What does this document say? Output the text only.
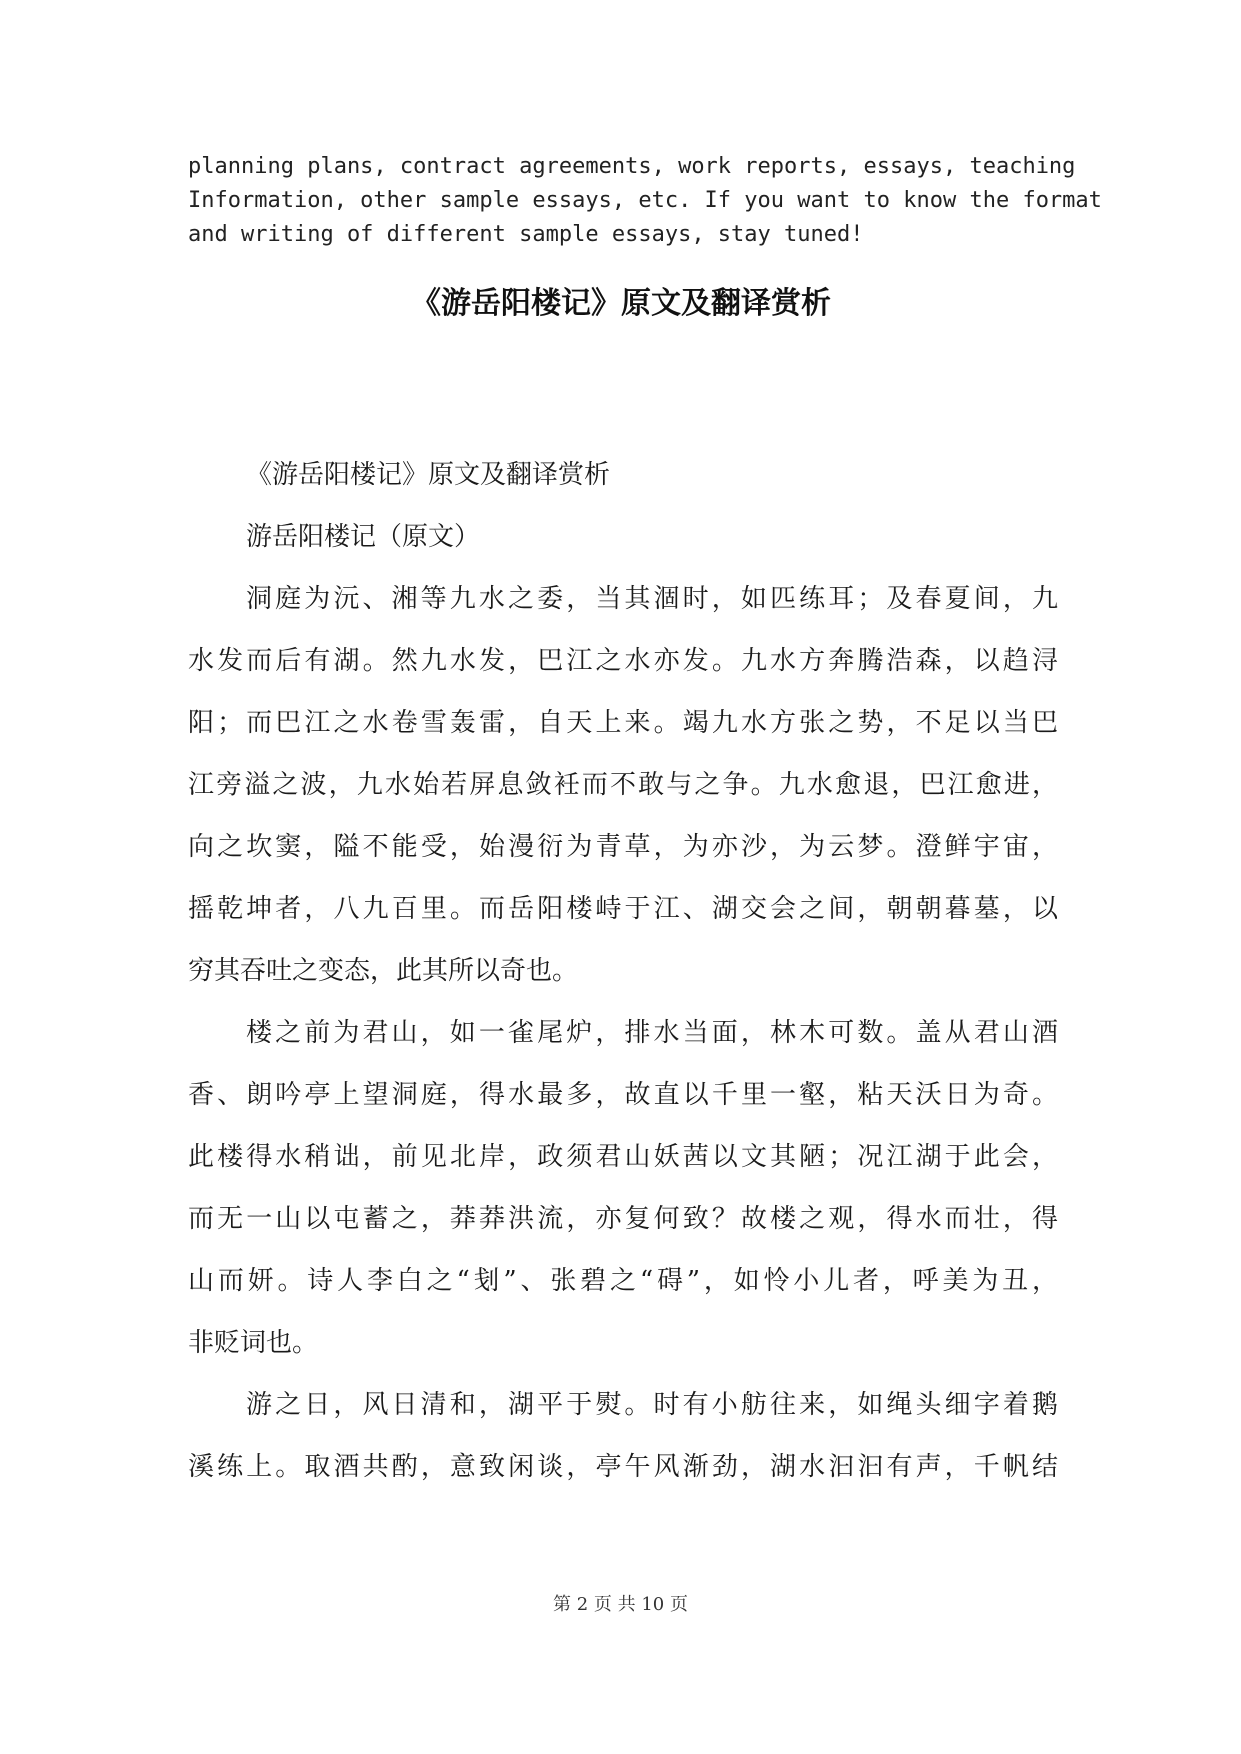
planning plans, contract agreements, work reports, essays, teaching
Information, other sample essays, etc. If you want to know the format
and writing of different sample essays, stay tuned!
《游岳阳楼记》原文及翻译赏析
《游岳阳楼记》原文及翻译赏析
游岳阳楼记（原文）
洞庭为沅、湘等九水之委，当其涸时，如匹练耳；及春夏间，九
水发而后有湖。然九水发，巴江之水亦发。九水方奔腾浩森，以趋浔
阳；而巴江之水卷雪轰雷，自天上来。竭九水方张之势，不足以当巴
江旁溢之波，九水始若屏息敛衽而不敢与之争。九水愈退，巴江愈进，
向之坎窦，隘不能受，始漫衍为青草，为亦沙，为云梦。澄鲜宇宙，
摇乾坤者，八九百里。而岳阳楼峙于江、湖交会之间，朝朝暮墓，以
穷其吞吐之变态，此其所以奇也。
楼之前为君山，如一雀尾炉，排水当面，林木可数。盖从君山酒
香、朗吟亭上望洞庭，得水最多，故直以千里一壑，粘天沃日为奇。
此楼得水稍诎，前见北岸，政须君山妖茜以文其陋；况江湖于此会，
而无一山以屯蓄之，莽莽洪流，亦复何致？故楼之观，得水而壮，得
山而妍。诗人李白之“刬”、张碧之“碍”，如怜小儿者，呼美为丑，
非贬词也。
游之日，风日清和，湖平于熨。时有小舫往来，如绳头细字着鹅
溪练上。取酒共酌，意致闲谈，亭午风渐劲，湖水汩汩有声，千帆结
第 2 页 共 10 页
